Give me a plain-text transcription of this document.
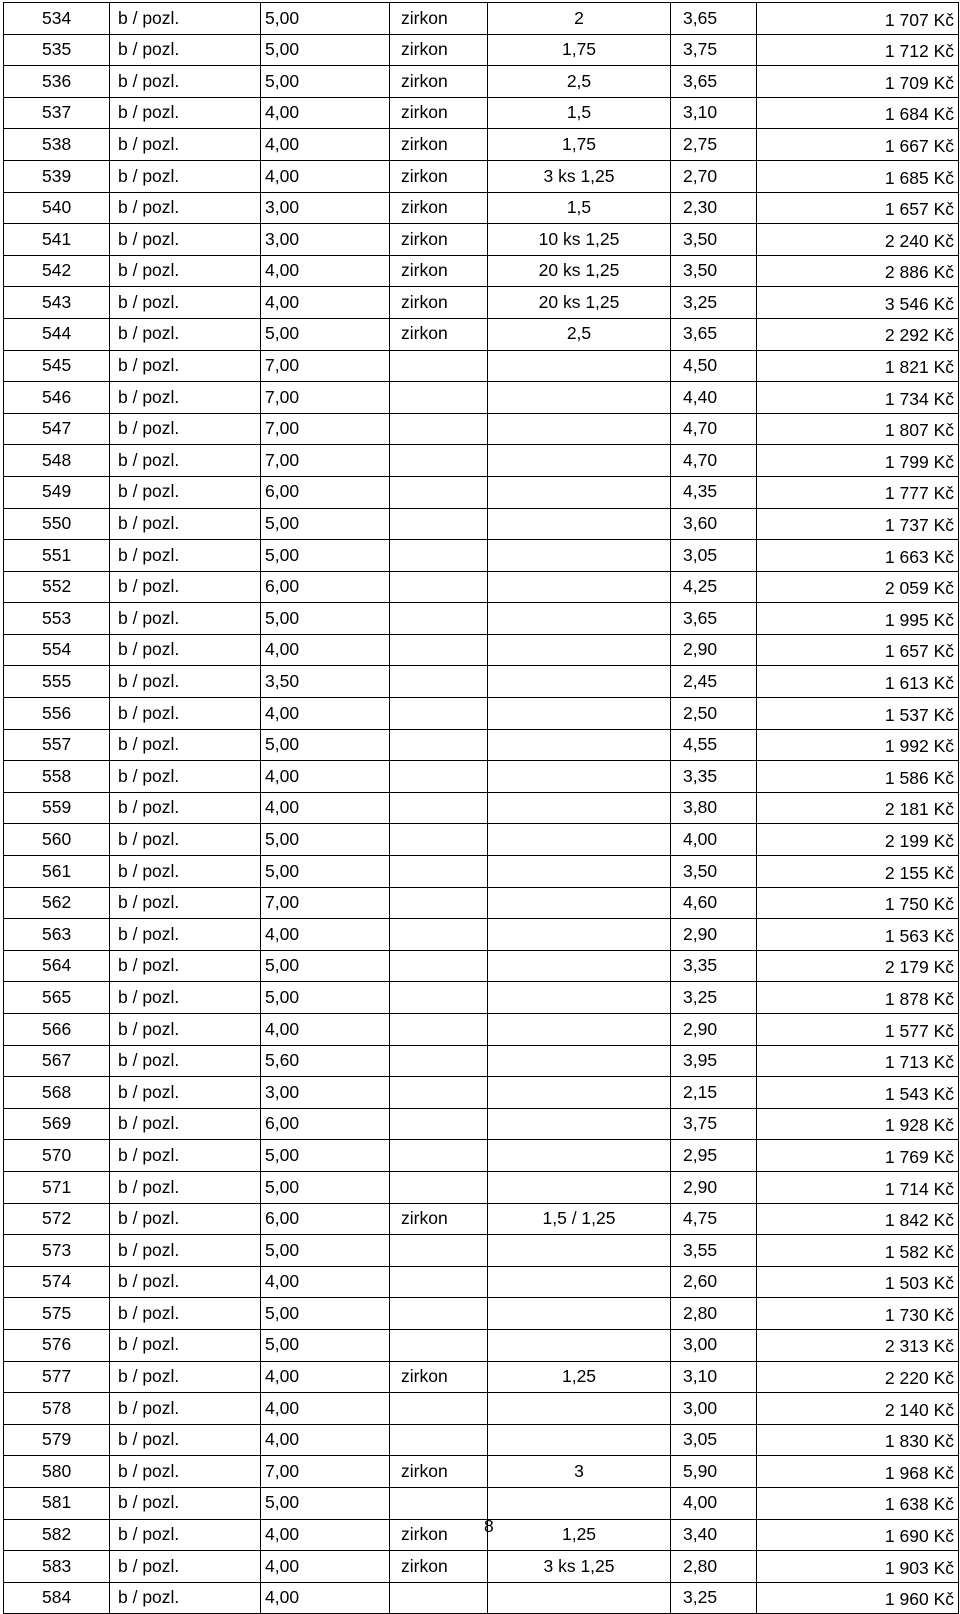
534	b / pozl.	5,00	zirkon	2	3,65	1 707 Kč
535	b / pozl.	5,00	zirkon	1,75	3,75	1 712 Kč
536	b / pozl.	5,00	zirkon	2,5	3,65	1 709 Kč
537	b / pozl.	4,00	zirkon	1,5	3,10	1 684 Kč
538	b / pozl.	4,00	zirkon	1,75	2,75	1 667 Kč
539	b / pozl.	4,00	zirkon	3 ks 1,25	2,70	1 685 Kč
540	b / pozl.	3,00	zirkon	1,5	2,30	1 657 Kč
541	b / pozl.	3,00	zirkon	10 ks 1,25	3,50	2 240 Kč
542	b / pozl.	4,00	zirkon	20 ks 1,25	3,50	2 886 Kč
543	b / pozl.	4,00	zirkon	20 ks 1,25	3,25	3 546 Kč
544	b / pozl.	5,00	zirkon	2,5	3,65	2 292 Kč
545	b / pozl.	7,00			4,50	1 821 Kč
546	b / pozl.	7,00			4,40	1 734 Kč
547	b / pozl.	7,00			4,70	1 807 Kč
548	b / pozl.	7,00			4,70	1 799 Kč
549	b / pozl.	6,00			4,35	1 777 Kč
550	b / pozl.	5,00			3,60	1 737 Kč
551	b / pozl.	5,00			3,05	1 663 Kč
552	b / pozl.	6,00			4,25	2 059 Kč
553	b / pozl.	5,00			3,65	1 995 Kč
554	b / pozl.	4,00			2,90	1 657 Kč
555	b / pozl.	3,50			2,45	1 613 Kč
556	b / pozl.	4,00			2,50	1 537 Kč
557	b / pozl.	5,00			4,55	1 992 Kč
558	b / pozl.	4,00			3,35	1 586 Kč
559	b / pozl.	4,00			3,80	2 181 Kč
560	b / pozl.	5,00			4,00	2 199 Kč
561	b / pozl.	5,00			3,50	2 155 Kč
562	b / pozl.	7,00			4,60	1 750 Kč
563	b / pozl.	4,00			2,90	1 563 Kč
564	b / pozl.	5,00			3,35	2 179 Kč
565	b / pozl.	5,00			3,25	1 878 Kč
566	b / pozl.	4,00			2,90	1 577 Kč
567	b / pozl.	5,60			3,95	1 713 Kč
568	b / pozl.	3,00			2,15	1 543 Kč
569	b / pozl.	6,00			3,75	1 928 Kč
570	b / pozl.	5,00			2,95	1 769 Kč
571	b / pozl.	5,00			2,90	1 714 Kč
572	b / pozl.	6,00	zirkon	1,5 / 1,25	4,75	1 842 Kč
573	b / pozl.	5,00			3,55	1 582 Kč
574	b / pozl.	4,00			2,60	1 503 Kč
575	b / pozl.	5,00			2,80	1 730 Kč
576	b / pozl.	5,00			3,00	2 313 Kč
577	b / pozl.	4,00	zirkon	1,25	3,10	2 220 Kč
578	b / pozl.	4,00			3,00	2 140 Kč
579	b / pozl.	4,00			3,05	1 830 Kč
580	b / pozl.	7,00	zirkon	3	5,90	1 968 Kč
581	b / pozl.	5,00			4,00	1 638 Kč
582	b / pozl.	4,00	zirkon	1,25	3,40	1 690 Kč
583	b / pozl.	4,00	zirkon	3 ks 1,25	2,80	1 903 Kč
584	b / pozl.	4,00			3,25	1 960 Kč
8
